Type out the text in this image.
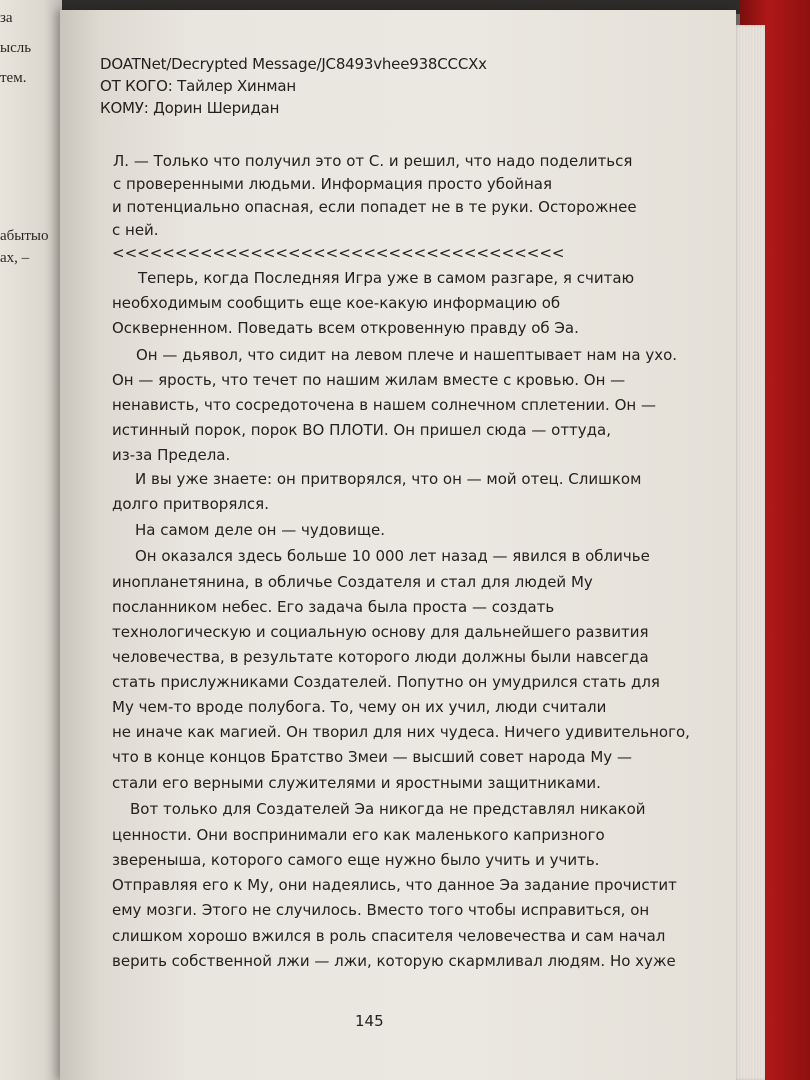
за
ысль
тем.
абытыо
ах, –
DOATNet/Decrypted Message/JC8493vhee938CCCXx
ОТ КОГО: Тайлер Хинман
КОМУ: Дорин Шеридан
Л. — Только что получил это от С. и решил, что надо поделиться
с проверенными людьми. Информация просто убойная
и потенциально опасная, если попадет не в те руки. Осторожнее
с ней.
<<<<<<<<<<<<<<<<<<<<<<<<<<<<<<<<<<<<
Теперь, когда Последняя Игра уже в самом разгаре, я считаю
необходимым сообщить еще кое-какую информацию об
Оскверненном. Поведать всем откровенную правду об Эа.
Он — дьявол, что сидит на левом плече и нашептывает нам на ухо.
Он — ярость, что течет по нашим жилам вместе с кровью. Он —
ненависть, что сосредоточена в нашем солнечном сплетении. Он —
истинный порок, порок ВО ПЛОТИ. Он пришел сюда — оттуда,
из-за Предела.
И вы уже знаете: он притворялся, что он — мой отец. Слишком
долго притворялся.
На самом деле он — чудовище.
Он оказался здесь больше 10 000 лет назад — явился в обличье
инопланетянина, в обличье Создателя и стал для людей Му
посланником небес. Его задача была проста — создать
технологическую и социальную основу для дальнейшего развития
человечества, в результате которого люди должны были навсегда
стать прислужниками Создателей. Попутно он умудрился стать для
Му чем-то вроде полубога. То, чему он их учил, люди считали
не иначе как магией. Он творил для них чудеса. Ничего удивительного,
что в конце концов Братство Змеи — высший совет народа Му —
стали его верными служителями и яростными защитниками.
Вот только для Создателей Эа никогда не представлял никакой
ценности. Они воспринимали его как маленького капризного
звереныша, которого самого еще нужно было учить и учить.
Отправляя его к Му, они надеялись, что данное Эа задание прочистит
ему мозги. Этого не случилось. Вместо того чтобы исправиться, он
слишком хорошо вжился в роль спасителя человечества и сам начал
верить собственной лжи — лжи, которую скармливал людям. Но хуже
145
